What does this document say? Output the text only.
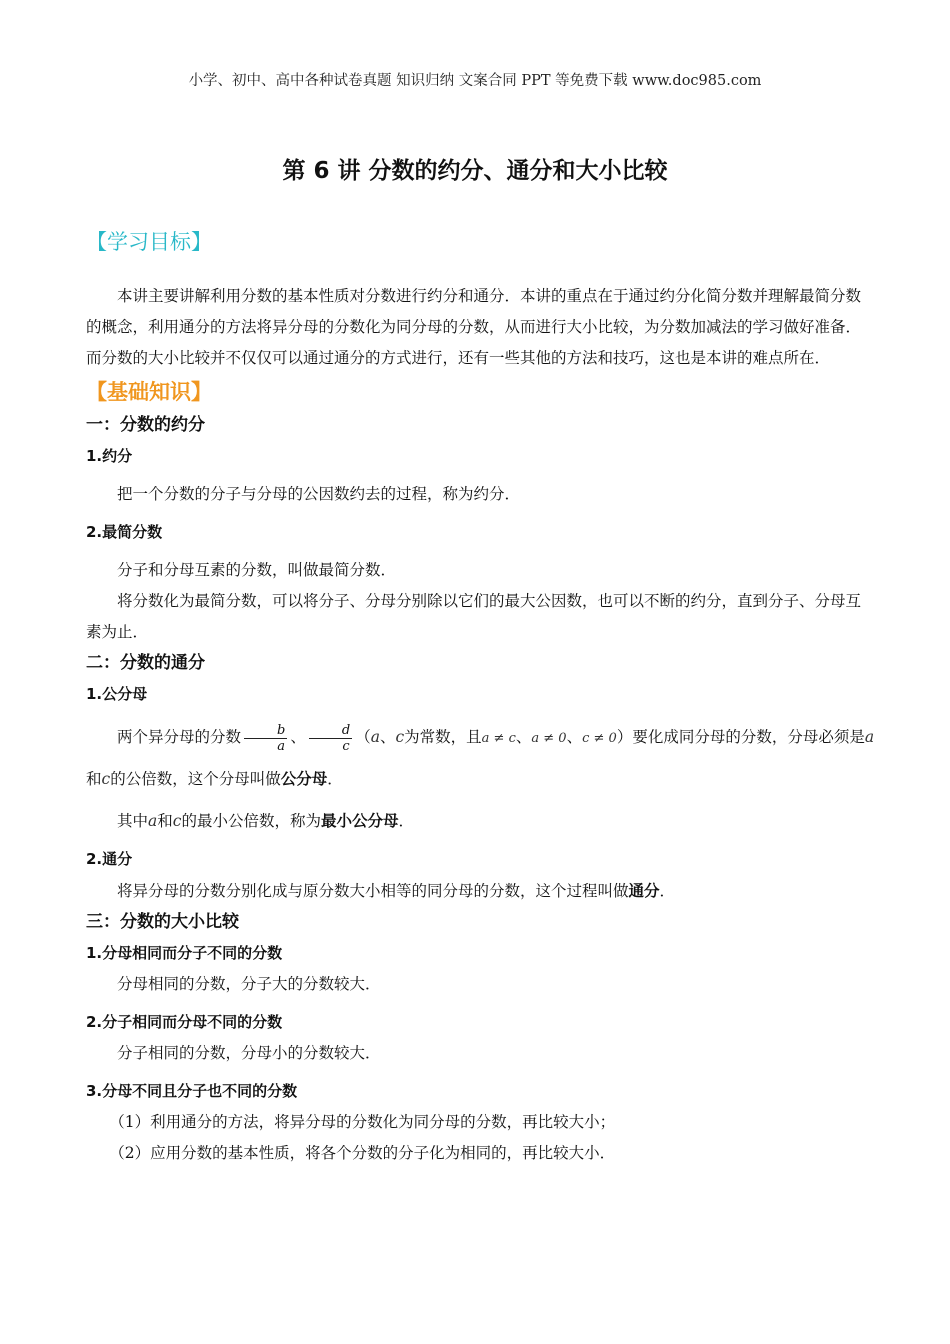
小学、初中、高中各种试卷真题 知识归纳 文案合同 PPT 等免费下载 www.doc985.com
第 6 讲 分数的约分、通分和大小比较
【学习目标】

本讲主要讲解利用分数的基本性质对分数进行约分和通分．本讲的重点在于通过约分化简分数并理解最简分数的概念，利用通分的方法将异分母的分数化为同分母的分数，从而进行大小比较，为分数加减法的学习做好准备．而分数的大小比较并不仅仅可以通过通分的方式进行，还有一些其他的方法和技巧，这也是本讲的难点所在．

【基础知识】

一：分数的约分

1.约分

把一个分数的分子与分母的公因数约去的过程，称为约分．

2.最简分数

分子和分母互素的分数，叫做最简分数．

将分数化为最简分数，可以将分子、分母分别除以它们的最大公因数，也可以不断的约分，直到分子、分母互素为止．

二：分数的通分

1.公分母

两个异分母的分数 $\frac{b}{a}$ 、 $\frac{d}{c} (a$、c为常数，且a ≠ c、a ≠ 0、c ≠ 0）要化成同分母的分数，分母必须是a和c的公倍数，这个分母叫做公分母．

其中a和c的最小公倍数，称为最小公分母．

2.通分

将异分母的分数分别化成与原分数大小相等的同分母的分数，这个过程叫做通分．

三：分数的大小比较

1.分母相同而分子不同的分数

分母相同的分数，分子大的分数较大．

2.分子相同而分母不同的分数

分子相同的分数，分母小的分数较大．

3.分母不同且分子也不同的分数

（1）利用通分的方法，将异分母的分数化为同分母的分数，再比较大小；

（2）应用分数的基本性质，将各个分数的分子化为相同的，再比较大小．
